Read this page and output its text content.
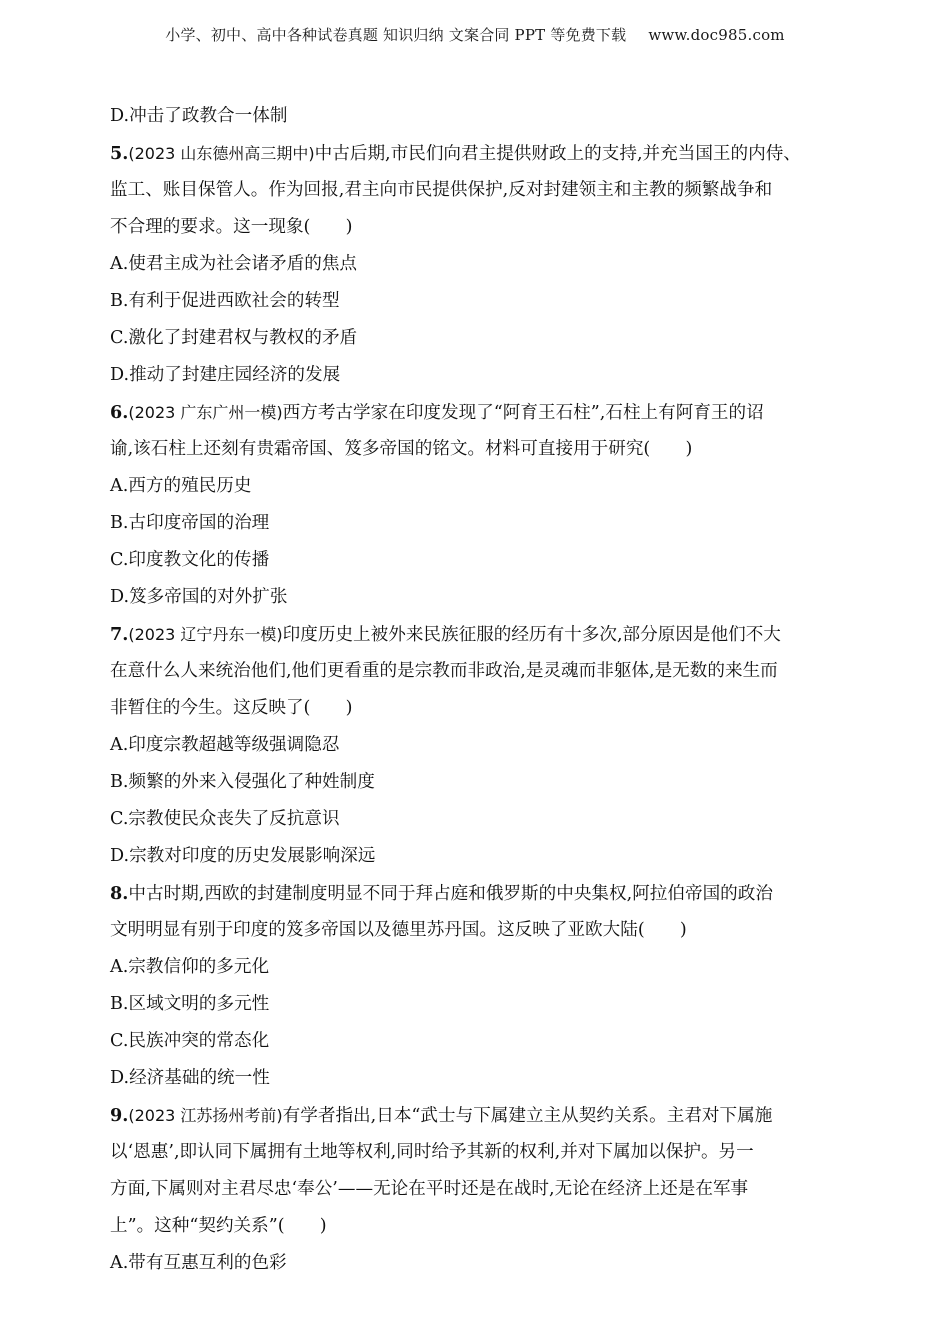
小学、初中、高中各种试卷真题 知识归纳 文案合同 PPT 等免费下载 www.doc985.com
D.冲击了政教合一体制
5.(2023 山东德州高三期中)中古后期,市民们向君主提供财政上的支持,并充当国王的内侍、
监工、账目保管人。作为回报,君主向市民提供保护,反对封建领主和主教的频繁战争和
不合理的要求。这一现象(　　)
A.使君主成为社会诸矛盾的焦点
B.有利于促进西欧社会的转型
C.激化了封建君权与教权的矛盾
D.推动了封建庄园经济的发展
6.(2023 广东广州一模)西方考古学家在印度发现了“阿育王石柱”,石柱上有阿育王的诏
谕,该石柱上还刻有贵霜帝国、笈多帝国的铭文。材料可直接用于研究(　　)
A.西方的殖民历史
B.古印度帝国的治理
C.印度教文化的传播
D.笈多帝国的对外扩张
7.(2023 辽宁丹东一模)印度历史上被外来民族征服的经历有十多次,部分原因是他们不大
在意什么人来统治他们,他们更看重的是宗教而非政治,是灵魂而非躯体,是无数的来生而
非暂住的今生。这反映了(　　)
A.印度宗教超越等级强调隐忍
B.频繁的外来入侵强化了种姓制度
C.宗教使民众丧失了反抗意识
D.宗教对印度的历史发展影响深远
8.中古时期,西欧的封建制度明显不同于拜占庭和俄罗斯的中央集权,阿拉伯帝国的政治
文明明显有别于印度的笈多帝国以及德里苏丹国。这反映了亚欧大陆(　　)
A.宗教信仰的多元化
B.区域文明的多元性
C.民族冲突的常态化
D.经济基础的统一性
9.(2023 江苏扬州考前)有学者指出,日本“武士与下属建立主从契约关系。主君对下属施
以‘恩惠’,即认同下属拥有土地等权利,同时给予其新的权利,并对下属加以保护。另一
方面,下属则对主君尽忠‘奉公’——无论在平时还是在战时,无论在经济上还是在军事
上”。这种“契约关系”(　　)
A.带有互惠互利的色彩
